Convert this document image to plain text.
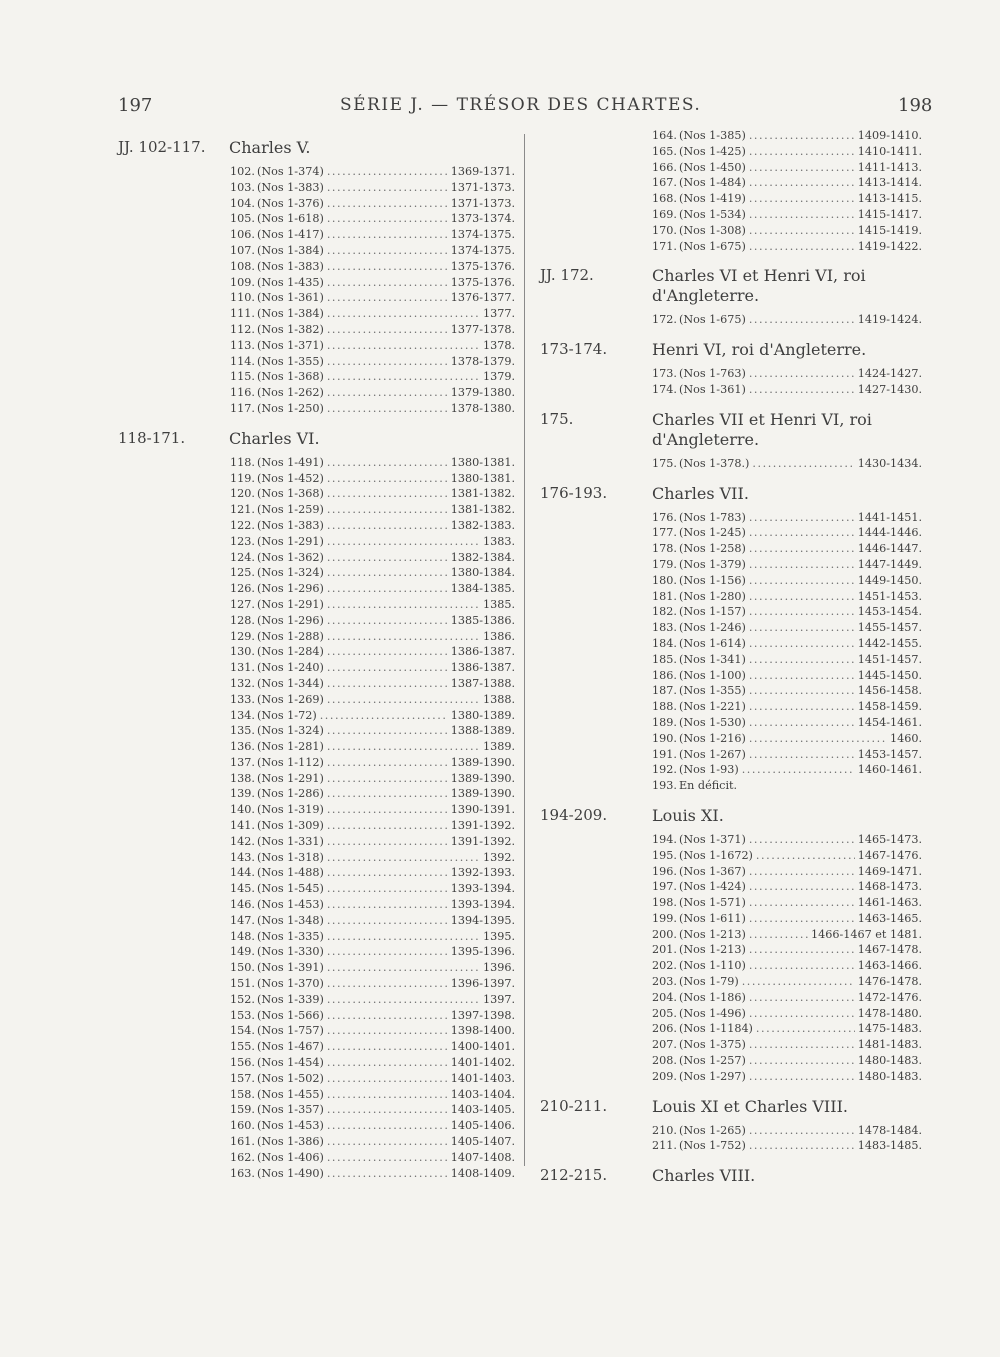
197	SÉRIE J. — TRÉSOR DES CHARTES.	198
JJ. 102-117.	Charles V.
102. (Nos 1-374) . . .	1369-1371.
103. (Nos 1-383) . . .	1371-1373.
104. (Nos 1-376) . . .	1371-1373.
105. (Nos 1-618) . . .	1373-1374.
106. (Nos 1-417) . . .	1374-1375.
107. (Nos 1-384) . . .	1374-1375.
108. (Nos 1-383) . . .	1375-1376.
109. (Nos 1-435) . . .	1375-1376.
110. (Nos 1-361) . . .	1376-1377.
111. (Nos 1-384) . . .	1377.
112. (Nos 1-382) . . .	1377-1378.
113. (Nos 1-371) . . .	1378.
114. (Nos 1-355) . . .	1378-1379.
115. (Nos 1-368) . . .	1379.
116. (Nos 1-262) . . .	1379-1380.
117. (Nos 1-250) . . .	1378-1380.
118-171.	Charles VI.
118. (Nos 1-491) . . .	1380-1381.
119. (Nos 1-452) . . .	1380-1381.
120. (Nos 1-368) . . .	1381-1382.
121. (Nos 1-259) . . .	1381-1382.
122. (Nos 1-383) . . .	1382-1383.
123. (Nos 1-291) . . .	1383.
124. (Nos 1-362) . . .	1382-1384.
125. (Nos 1-324) . . .	1380-1384.
126. (Nos 1-296) . . .	1384-1385.
127. (Nos 1-291) . . .	1385.
128. (Nos 1-296) . . .	1385-1386.
129. (Nos 1-288) . . .	1386.
130. (Nos 1-284) . . .	1386-1387.
131. (Nos 1-240) . . .	1386-1387.
132. (Nos 1-344) . . .	1387-1388.
133. (Nos 1-269) . . .	1388.
134. (Nos 1-72) . . .	1380-1389.
135. (Nos 1-324) . . .	1388-1389.
136. (Nos 1-281) . . .	1389.
137. (Nos 1-112) . . .	1389-1390.
138. (Nos 1-291) . . .	1389-1390.
139. (Nos 1-286) . . .	1389-1390.
140. (Nos 1-319) . . .	1390-1391.
141. (Nos 1-309) . . .	1391-1392.
142. (Nos 1-331) . . .	1391-1392.
143. (Nos 1-318) . . .	1392.
144. (Nos 1-488) . . .	1392-1393.
145. (Nos 1-545) . . .	1393-1394.
146. (Nos 1-453) . . .	1393-1394.
147. (Nos 1-348) . . .	1394-1395.
148. (Nos 1-335) . . .	1395.
149. (Nos 1-330) . . .	1395-1396.
150. (Nos 1-391) . . .	1396.
151. (Nos 1-370) . . .	1396-1397.
152. (Nos 1-339) . . .	1397.
153. (Nos 1-566) . . .	1397-1398.
154. (Nos 1-757) . . .	1398-1400.
155. (Nos 1-467) . . .	1400-1401.
156. (Nos 1-454) . . .	1401-1402.
157. (Nos 1-502) . . .	1401-1403.
158. (Nos 1-455) . . .	1403-1404.
159. (Nos 1-357) . . .	1403-1405.
160. (Nos 1-453) . . .	1405-1406.
161. (Nos 1-386) . . .	1405-1407.
162. (Nos 1-406) . . .	1407-1408.
163. (Nos 1-490) . . .	1408-1409.
164. (Nos 1-385) . . .	1409-1410.
165. (Nos 1-425) . . .	1410-1411.
166. (Nos 1-450) . . .	1411-1413.
167. (Nos 1-484) . . .	1413-1414.
168. (Nos 1-419) . . .	1413-1415.
169. (Nos 1-534) . . .	1415-1417.
170. (Nos 1-308) . . .	1415-1419.
171. (Nos 1-675) . . .	1419-1422.
JJ. 172.	Charles VI et Henri VI, roi d'Angleterre.
172. (Nos 1-675) . . .	1419-1424.
173-174.	Henri VI, roi d'Angleterre.
173. (Nos 1-763) . . .	1424-1427.
174. (Nos 1-361) . . .	1427-1430.
175.	Charles VII et Henri VI, roi d'Angleterre.
175. (Nos 1-378.) . . .	1430-1434.
176-193.	Charles VII.
176. (Nos 1-783) . . .	1441-1451.
177. (Nos 1-245) . . .	1444-1446.
178. (Nos 1-258) . . .	1446-1447.
179. (Nos 1-379) . . .	1447-1449.
180. (Nos 1-156) . . .	1449-1450.
181. (Nos 1-280) . . .	1451-1453.
182. (Nos 1-157) . . .	1453-1454.
183. (Nos 1-246) . . .	1455-1457.
184. (Nos 1-614) . . .	1442-1455.
185. (Nos 1-341) . . .	1451-1457.
186. (Nos 1-100) . . .	1445-1450.
187. (Nos 1-355) . . .	1456-1458.
188. (Nos 1-221) . . .	1458-1459.
189. (Nos 1-530) . . .	1454-1461.
190. (Nos 1-216) . . .	1460.
191. (Nos 1-267) . . .	1453-1457.
192. (Nos 1-93) . . .	1460-1461.
193. En déficit.
194-209.	Louis XI.
194. (Nos 1-371) . . .	1465-1473.
195. (Nos 1-1672) . . .	1467-1476.
196. (Nos 1-367) . . .	1469-1471.
197. (Nos 1-424) . . .	1468-1473.
198. (Nos 1-571) . . .	1461-1463.
199. (Nos 1-611) . . .	1463-1465.
200. (Nos 1-213) . . .	1466-1467 et 1481.
201. (Nos 1-213) . . .	1467-1478.
202. (Nos 1-110) . . .	1463-1466.
203. (Nos 1-79) . . .	1476-1478.
204. (Nos 1-186) . . .	1472-1476.
205. (Nos 1-496) . . .	1478-1480.
206. (Nos 1-1184) . . .	1475-1483.
207. (Nos 1-375) . . .	1481-1483.
208. (Nos 1-257) . . .	1480-1483.
209. (Nos 1-297) . . .	1480-1483.
210-211.	Louis XI et Charles VIII.
210. (Nos 1-265) . . .	1478-1484.
211. (Nos 1-752) . . .	1483-1485.
212-215.	Charles VIII.
